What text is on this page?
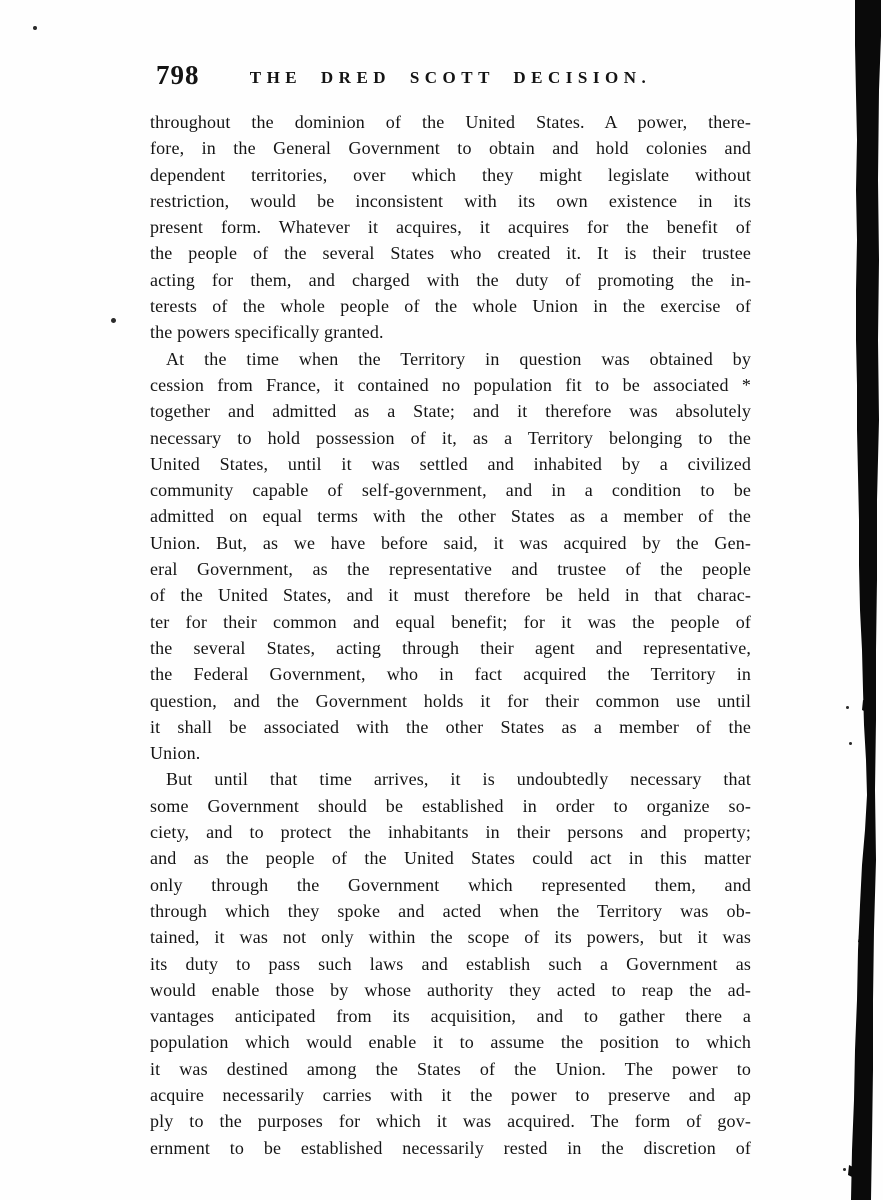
798	THE DRED SCOTT DECISION.
throughout the dominion of the United States. A power, there-
fore, in the General Government to obtain and hold colonies and
dependent territories, over which they might legislate without
restriction, would be inconsistent with its own existence in its
present form. Whatever it acquires, it acquires for the benefit of
the people of the several States who created it. It is their trustee
acting for them, and charged with the duty of promoting the in-
terests of the whole people of the whole Union in the exercise of
the powers specifically granted.
At the time when the Territory in question was obtained by
cession from France, it contained no population fit to be associated *
together and admitted as a State; and it therefore was absolutely
necessary to hold possession of it, as a Territory belonging to the
United States, until it was settled and inhabited by a civilized
community capable of self-government, and in a condition to be
admitted on equal terms with the other States as a member of the
Union. But, as we have before said, it was acquired by the Gen-
eral Government, as the representative and trustee of the people
of the United States, and it must therefore be held in that charac-
ter for their common and equal benefit; for it was the people of
the several States, acting through their agent and representative,
the Federal Government, who in fact acquired the Territory in
question, and the Government holds it for their common use until
it shall be associated with the other States as a member of the
Union.
But until that time arrives, it is undoubtedly necessary that
some Government should be established in order to organize so-
ciety, and to protect the inhabitants in their persons and property;
and as the people of the United States could act in this matter
only through the Government which represented them, and
through which they spoke and acted when the Territory was ob-
tained, it was not only within the scope of its powers, but it was
its duty to pass such laws and establish such a Government as
would enable those by whose authority they acted to reap the ad-
vantages anticipated from its acquisition, and to gather there a
population which would enable it to assume the position to which
it was destined among the States of the Union. The power to
acquire necessarily carries with it the power to preserve and ap
ply to the purposes for which it was acquired. The form of gov-
ernment to be established necessarily rested in the discretion of
